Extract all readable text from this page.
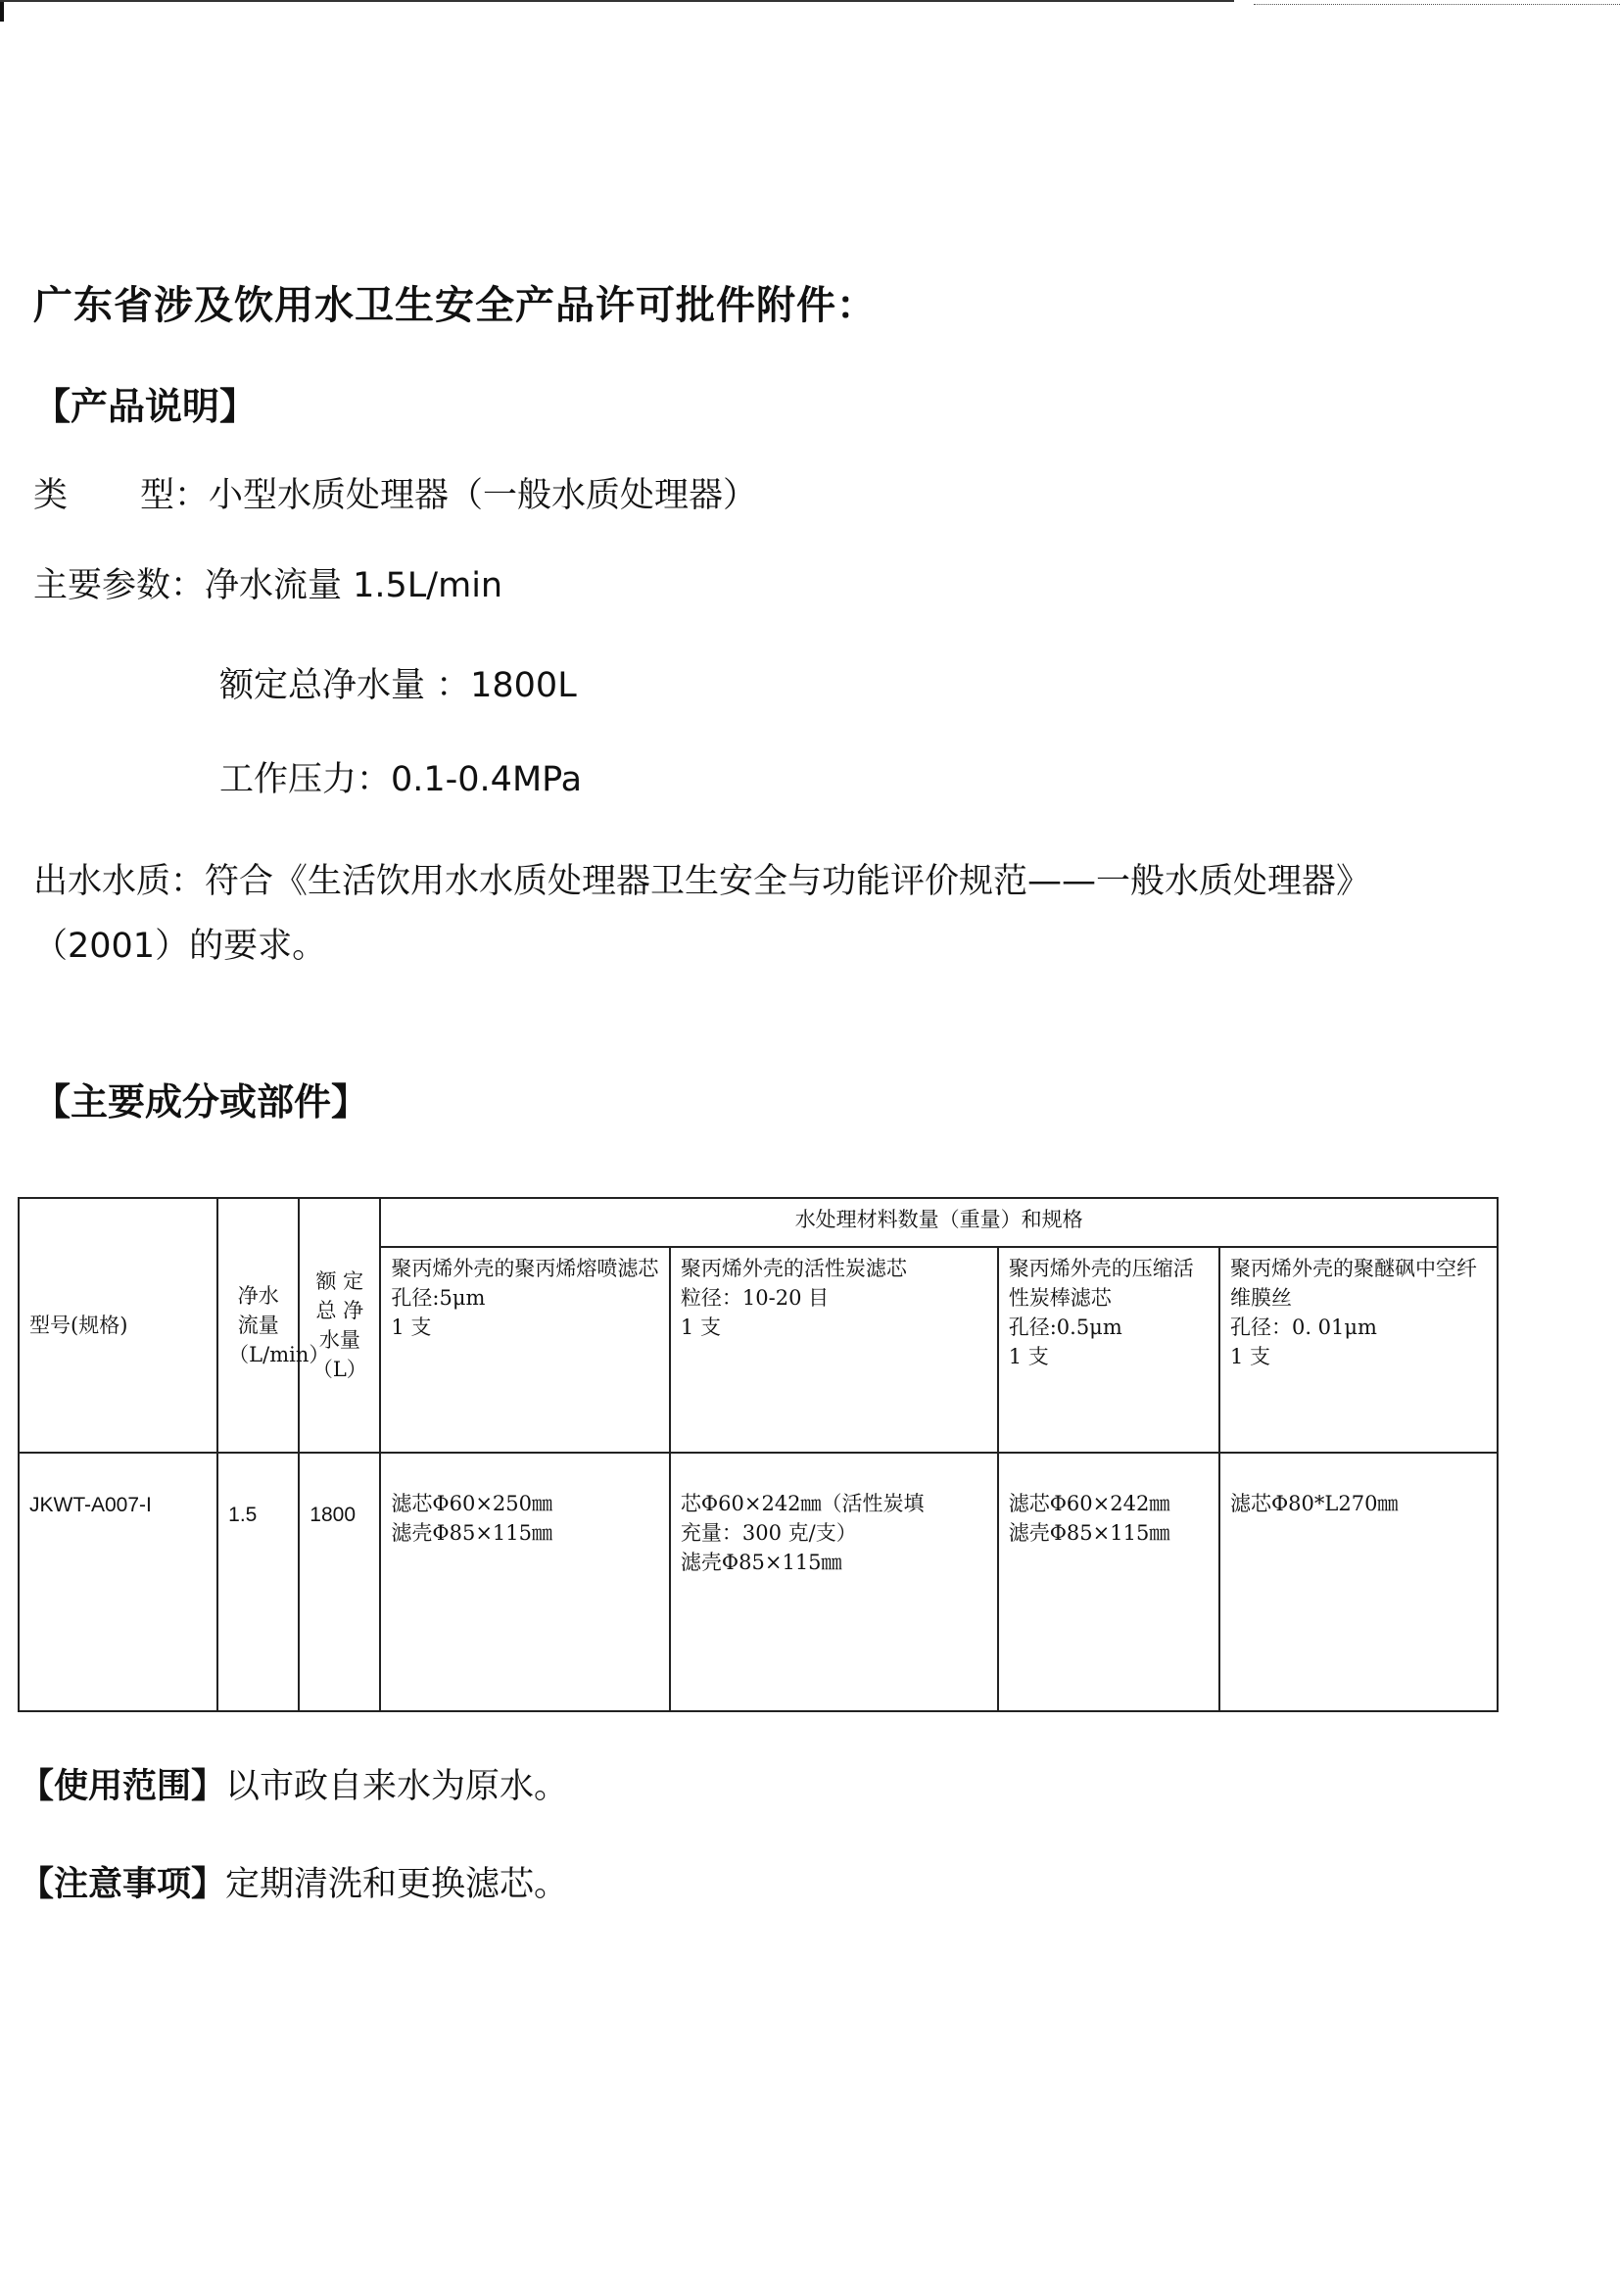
广东省涉及饮用水卫生安全产品许可批件附件：
【产品说明】
类 型：小型水质处理器（一般水质处理器）
主要参数：净水流量 1.5L/min
额定总净水量 ：1800L
工作压力：0.1-0.4MPa
出水水质：符合《生活饮用水水质处理器卫生安全与功能评价规范——一般水质处理器》
（2001）的要求。
【主要成分或部件】
型号(规格)	净水流量（L/min）	额 定总 净水量（L）	水处理材料数量（重量）和规格			

			聚丙烯外壳的聚丙烯熔喷滤芯
孔径:5μm
1 支	聚丙烯外壳的活性炭滤芯
粒径：10-20 目
1 支	聚丙烯外壳的压缩活性炭棒滤芯
孔径:0.5μm
1 支	聚丙烯外壳的聚醚砜中空纤维膜丝
孔径：0. 01μm
1 支

JKWT-A007-I	1.5	1800	滤芯Φ60×250㎜
滤壳Φ85×115㎜	芯Φ60×242㎜（活性炭填
充量：300 克/支）
滤壳Φ85×115㎜	滤芯Φ60×242㎜
滤壳Φ85×115㎜	滤芯Φ80*L270㎜
【使用范围】以市政自来水为原水。
【注意事项】定期清洗和更换滤芯。
